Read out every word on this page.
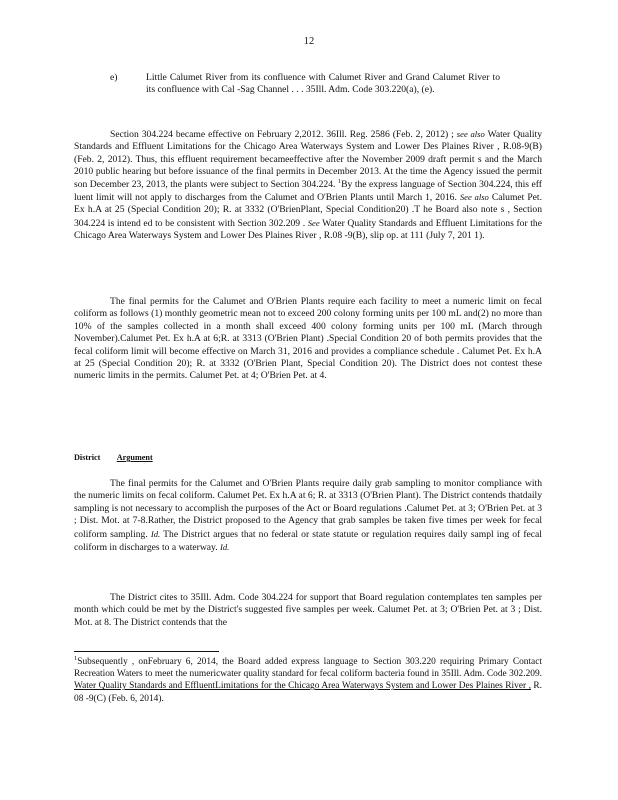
12
e)	Little Calumet River from its confluence with Calumet River and Grand Calumet River to its confluence with Cal -Sag Channel . . . 35Ill. Adm. Code 303.220(a), (e).

Section 304.224 became effective on February 2,2012. 36Ill. Reg. 2586 (Feb. 2, 2012) ; see also Water Quality Standards and Effluent Limitations for the Chicago Area Waterways System and Lower Des Plaines River , R.08-9(B) (Feb. 2, 2012). Thus, this effluent requirement becameeffective after the November 2009 draft permit s and the March 2010 public hearing but before issuance of the final permits in December 2013. At the time the Agency issued the permit son December 23, 2013, the plants were subject to Section 304.224. $^1$By the express language of Section 304.224, this eff luent limit will not apply to discharges from the Calumet and O'Brien Plants until March 1, 2016. See also Calumet Pet. Ex h.A at 25 (Special Condition 20); R. at 3332 (O'BrienPlant, Special Condition20) .T he Board also note s , Section 304.224 is intend ed to be consistent with Section 302.209 . See Water Quality Standards and Effluent Limitations for the Chicago Area Waterways System and Lower Des Plaines River , R.08 -9(B), slip op. at 111 (July 7, 201 1).

The final permits for the Calumet and O'Brien Plants require each facility to meet a numeric limit on fecal coliform as follows (1) monthly geometric mean not to exceed 200 colony forming units per 100 mL and(2) no more than 10% of the samples collected in a month shall exceed 400 colony forming units per 100 mL (March through November).Calumet Pet. Ex h.A at 6;R. at 3313 (O'Brien Plant) .Special Condition 20 of both permits provides that the fecal coliform limit will become effective on March 31, 2016 and provides a compliance schedule . Calumet Pet. Ex h.A at 25 (Special Condition 20); R. at 3332 (O'Brien Plant, Special Condition 20). The District does not contest these numeric limits in the permits. Calumet Pet. at 4; O'Brien Pet. at 4.

District Argument

The final permits for the Calumet and O'Brien Plants require daily grab sampling to monitor compliance with the numeric limits on fecal coliform. Calumet Pet. Ex h.A at 6; R. at 3313 (O'Brien Plant). The District contends thatdaily sampling is not necessary to accomplish the purposes of the Act or Board regulations .Calumet Pet. at 3; O'Brien Pet. at 3 ; Dist. Mot. at 7-8.Rather, the District proposed to the Agency that grab samples be taken five times per week for fecal coliform sampling. Id. The District argues that no federal or state statute or regulation requires daily sampl ing of fecal coliform in discharges to a waterway. Id.

The District cites to 35Ill. Adm. Code 304.224 for support that Board regulation contemplates ten samples per month which could be met by the District's suggested five samples per week. Calumet Pet. at 3; O'Brien Pet. at 3 ; Dist. Mot. at 8. The District contends that the

$^1$Subsequently , onFebruary 6, 2014, the Board added express language to Section 303.220 requiring Primary Contact Recreation Waters to meet the numericwater quality standard for fecal coliform bacteria found in 35Ill. Adm. Code 302.209. Water Quality Standards and EffluentLimitations for the Chicago Area Waterways System and Lower Des Plaines River , R. 08 -9(C) (Feb. 6, 2014).
